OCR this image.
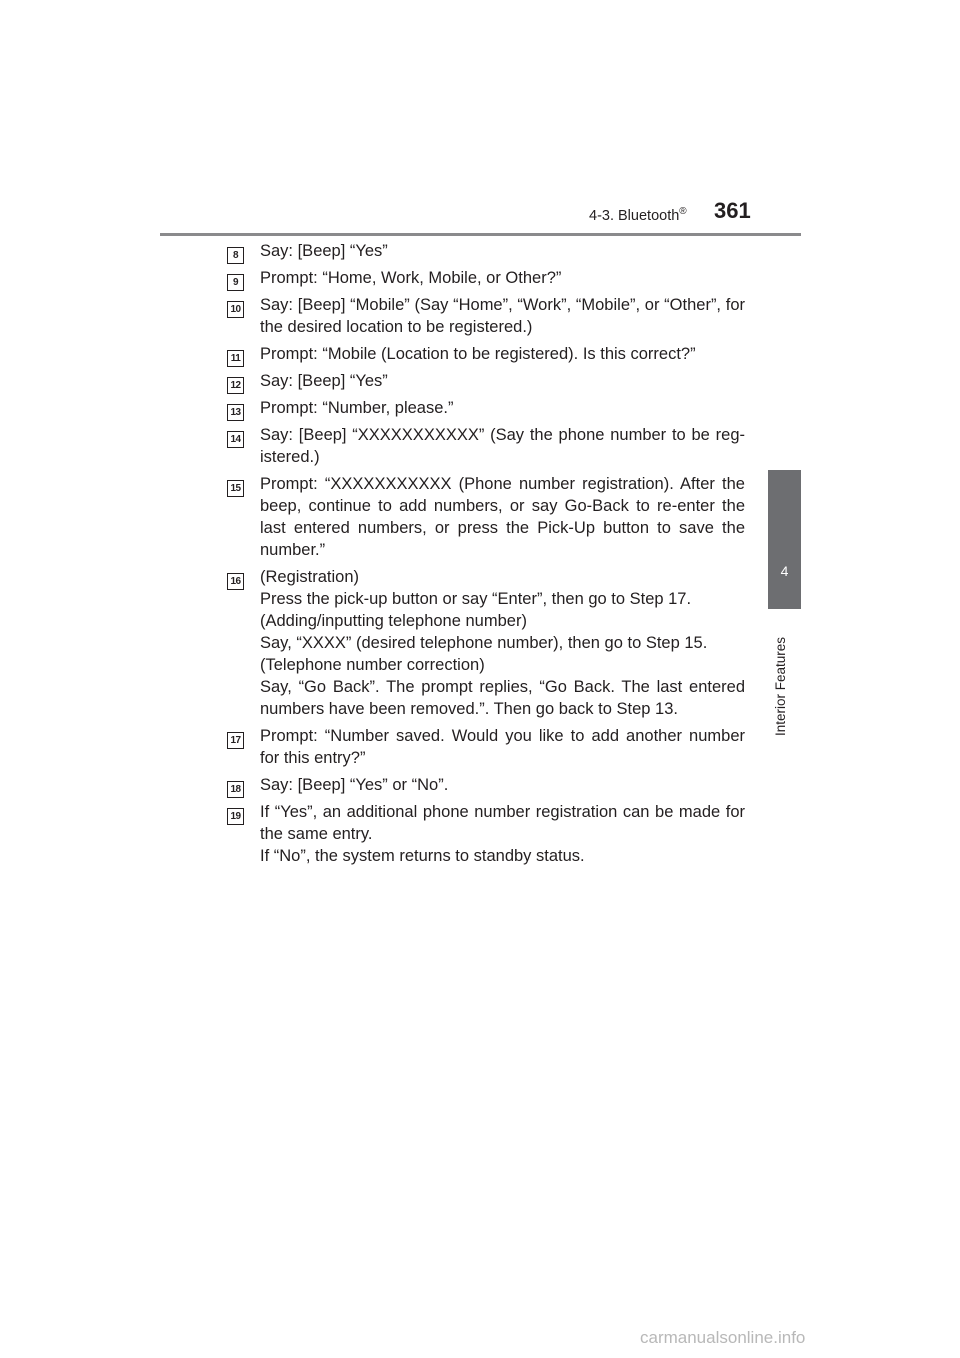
4-3. Bluetooth® 361
4
Interior Features
8	Say: [Beep] “Yes”
9	Prompt: “Home, Work, Mobile, or Other?”
10 Say: [Beep] “Mobile” (Say “Home”, “Work”, “Mobile”, or “Other”, for the desired location to be registered.)
11 Prompt: “Mobile (Location to be registered). Is this correct?”
12 Say: [Beep] “Yes”
13 Prompt: “Number, please.”
14 Say: [Beep] “XXXXXXXXXXX” (Say the phone number to be reg-istered.)
15 Prompt: “XXXXXXXXXXX (Phone number registration). After the beep, continue to add numbers, or say Go-Back to re-enter the last entered numbers, or press the Pick-Up button to save the number.”
16 (Registration)
Press the pick-up button or say “Enter”, then go to Step 17.
(Adding/inputting telephone number)
Say, “XXXX” (desired telephone number), then go to Step 15.
(Telephone number correction)
Say, “Go Back”. The prompt replies, “Go Back. The last entered numbers have been removed.”. Then go back to Step 13.
17 Prompt: “Number saved. Would you like to add another number for this entry?”
18 Say: [Beep] “Yes” or “No”.
19 If “Yes”, an additional phone number registration can be made for the same entry.
If “No”, the system returns to standby status.
carmanualsonline.info
